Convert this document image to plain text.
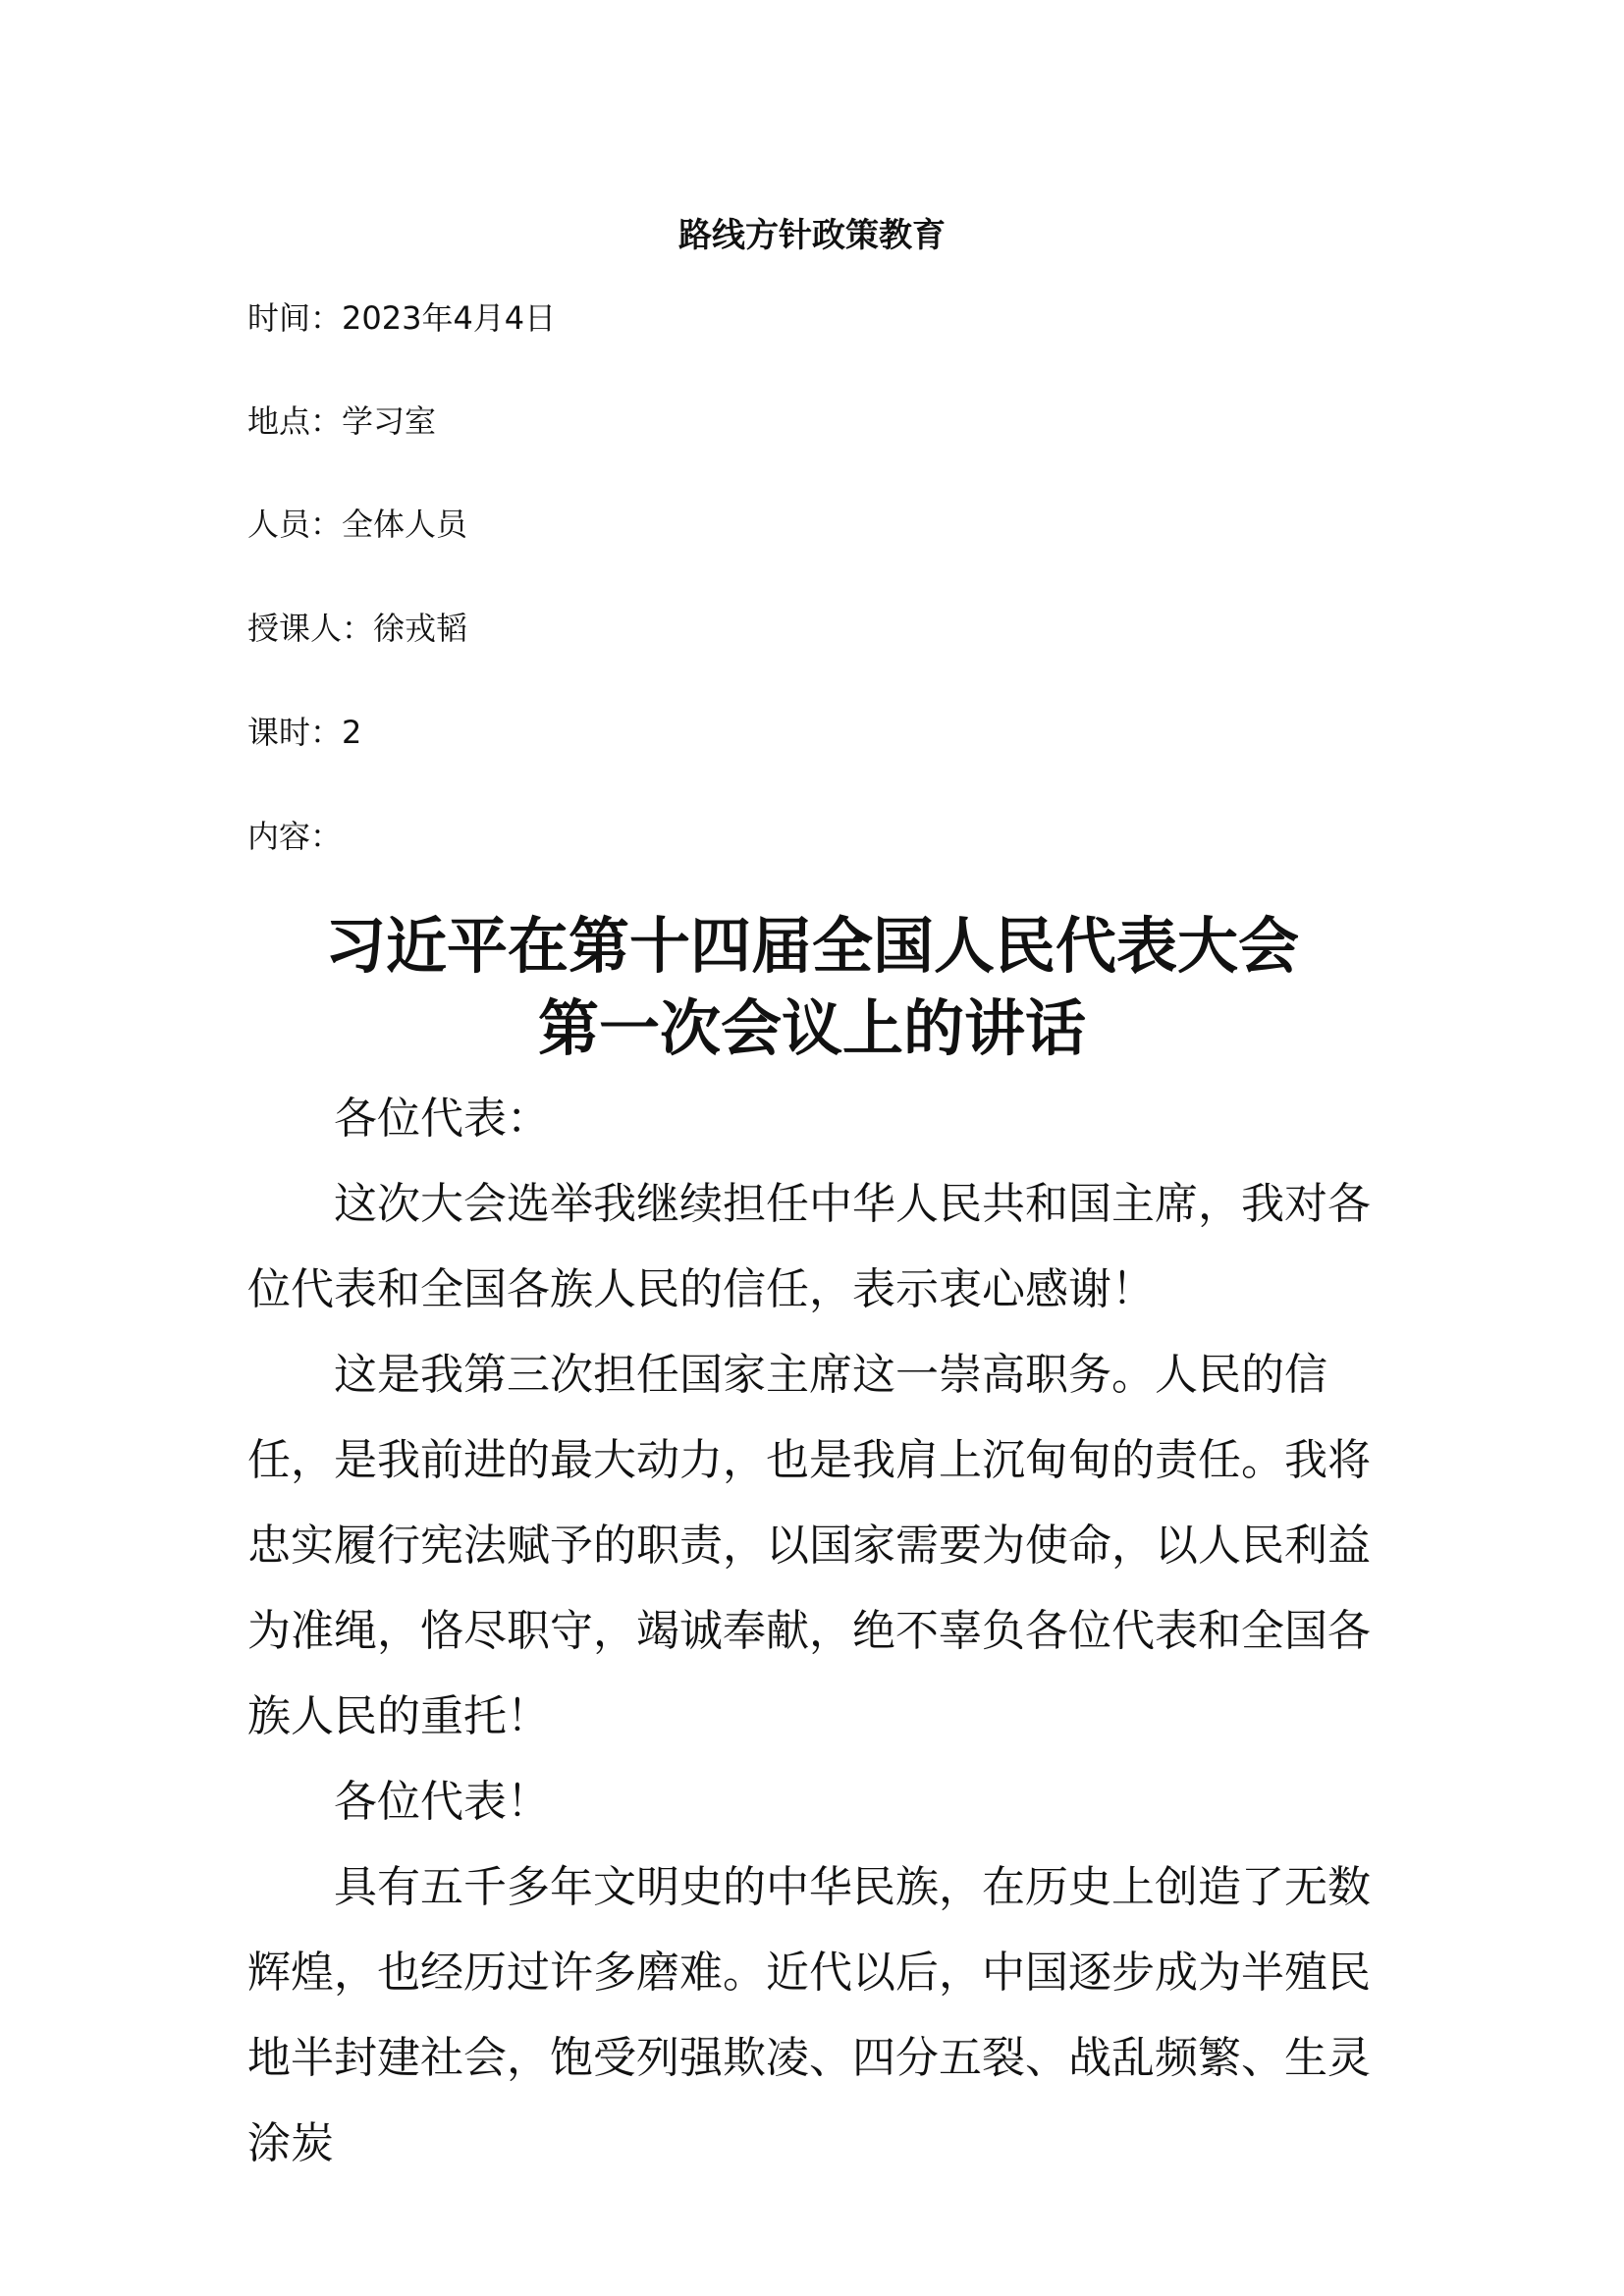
路线方针政策教育

时间：2023年4月4日

地点：学习室

人员：全体人员

授课人：徐戎韬

课时：2

内容：

习近平在第十四届全国人民代表大会
第一次会议上的讲话

各位代表：

这次大会选举我继续担任中华人民共和国主席，我对各位代表和全国各族人民的信任，表示衷心感谢！

这是我第三次担任国家主席这一崇高职务。人民的信任，是我前进的最大动力，也是我肩上沉甸甸的责任。我将忠实履行宪法赋予的职责，以国家需要为使命，以人民利益为准绳，恪尽职守，竭诚奉献，绝不辜负各位代表和全国各族人民的重托！

各位代表！

具有五千多年文明史的中华民族，在历史上创造了无数辉煌，也经历过许多磨难。近代以后，中国逐步成为半殖民地半封建社会，饱受列强欺凌、四分五裂、战乱频繁、生灵涂炭
